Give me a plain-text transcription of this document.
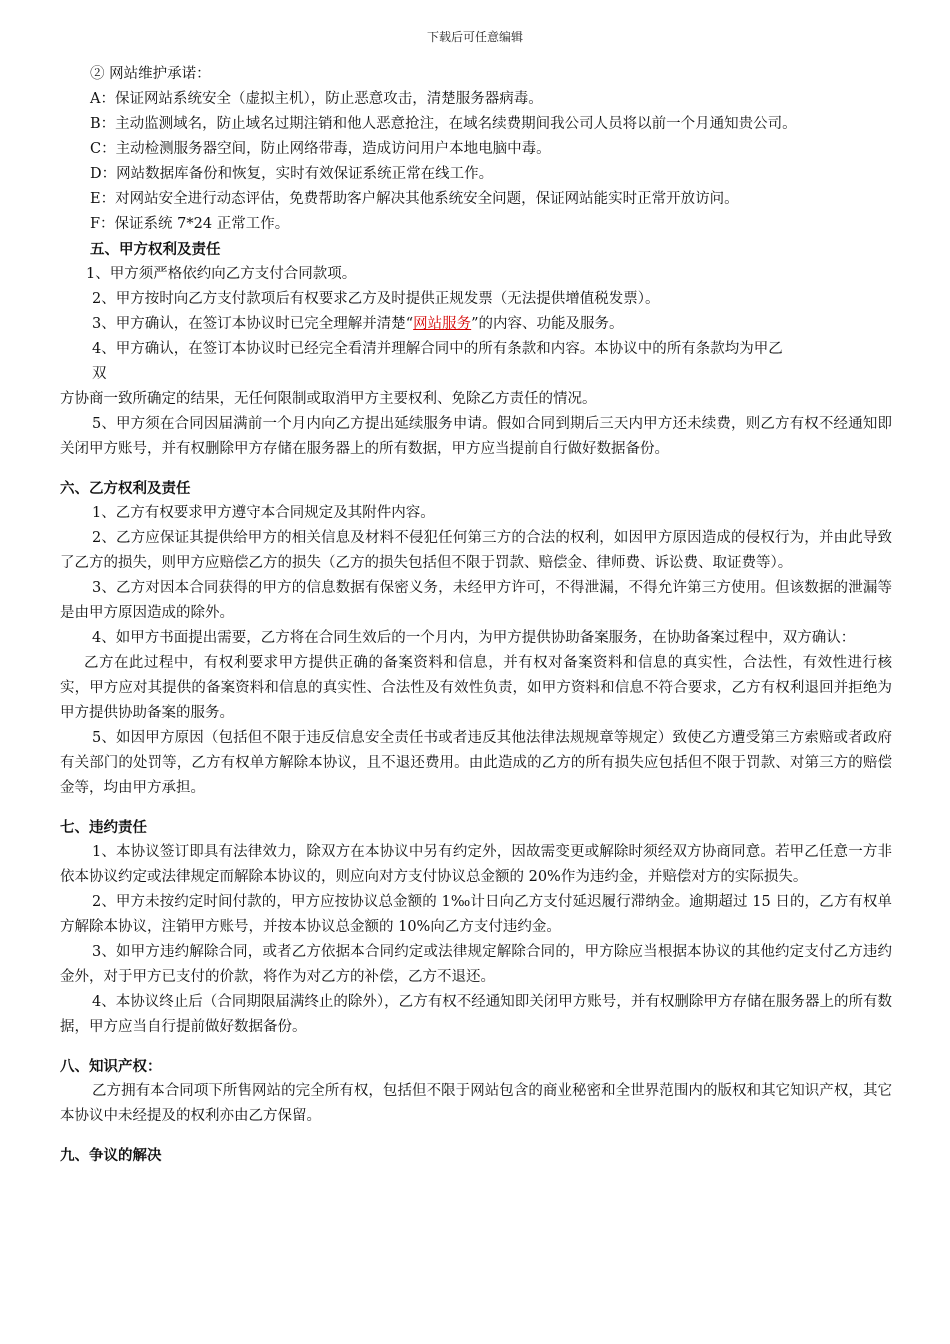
下载后可任意编辑
② 网站维护承诺：
A：保证网站系统安全（虚拟主机），防止恶意攻击，清楚服务器病毒。
B：主动监测域名，防止域名过期注销和他人恶意抢注，在域名续费期间我公司人员将以前一个月通知贵公司。
C：主动检测服务器空间，防止网络带毒，造成访问用户本地电脑中毒。
D：网站数据库备份和恢复，实时有效保证系统正常在线工作。
E：对网站安全进行动态评估，免费帮助客户解决其他系统安全问题，保证网站能实时正常开放访问。
F：保证系统 7*24 正常工作。
五、甲方权利及责任
1、甲方须严格依约向乙方支付合同款项。
2、甲方按时向乙方支付款项后有权要求乙方及时提供正规发票（无法提供增值税发票）。
3、甲方确认，在签订本协议时已完全理解并清楚“网站服务”的内容、功能及服务。
4、甲方确认，在签订本协议时已经完全看清并理解合同中的所有条款和内容。本协议中的所有条款均为甲乙
双
方协商一致所确定的结果，无任何限制或取消甲方主要权利、免除乙方责任的情况。
5、甲方须在合同因届满前一个月内向乙方提出延续服务申请。假如合同到期后三天内甲方还未续费，则乙方有权不经通知即关闭甲方账号，并有权删除甲方存储在服务器上的所有数据，甲方应当提前自行做好数据备份。
六、乙方权利及责任
1、乙方有权要求甲方遵守本合同规定及其附件内容。
2、乙方应保证其提供给甲方的相关信息及材料不侵犯任何第三方的合法的权利，如因甲方原因造成的侵权行为，并由此导致了乙方的损失，则甲方应赔偿乙方的损失（乙方的损失包括但不限于罚款、赔偿金、律师费、诉讼费、取证费等）。
3、乙方对因本合同获得的甲方的信息数据有保密义务，未经甲方许可，不得泄漏，不得允许第三方使用。但该数据的泄漏等是由甲方原因造成的除外。
4、如甲方书面提出需要，乙方将在合同生效后的一个月内，为甲方提供协助备案服务，在协助备案过程中，双方确认：
乙方在此过程中，有权利要求甲方提供正确的备案资料和信息，并有权对备案资料和信息的真实性，合法性，有效性进行核实，甲方应对其提供的备案资料和信息的真实性、合法性及有效性负责，如甲方资料和信息不符合要求，乙方有权利退回并拒绝为甲方提供协助备案的服务。
5、如因甲方原因（包括但不限于违反信息安全责任书或者违反其他法律法规规章等规定）致使乙方遭受第三方索赔或者政府有关部门的处罚等，乙方有权单方解除本协议，且不退还费用。由此造成的乙方的所有损失应包括但不限于罚款、对第三方的赔偿金等，均由甲方承担。
七、违约责任
1、本协议签订即具有法律效力，除双方在本协议中另有约定外，因故需变更或解除时须经双方协商同意。若甲乙任意一方非依本协议约定或法律规定而解除本协议的，则应向对方支付协议总金额的 20%作为违约金，并赔偿对方的实际损失。
2、甲方未按约定时间付款的，甲方应按协议总金额的 1‰计日向乙方支付延迟履行滞纳金。逾期超过 15 日的，乙方有权单方解除本协议，注销甲方账号，并按本协议总金额的 10%向乙方支付违约金。
3、如甲方违约解除合同，或者乙方依据本合同约定或法律规定解除合同的，甲方除应当根据本协议的其他约定支付乙方违约金外，对于甲方已支付的价款，将作为对乙方的补偿，乙方不退还。
4、本协议终止后（合同期限届满终止的除外），乙方有权不经通知即关闭甲方账号，并有权删除甲方存储在服务器上的所有数据，甲方应当自行提前做好数据备份。
八、知识产权：
乙方拥有本合同项下所售网站的完全所有权，包括但不限于网站包含的商业秘密和全世界范围内的版权和其它知识产权，其它本协议中未经提及的权利亦由乙方保留。
九、争议的解决
